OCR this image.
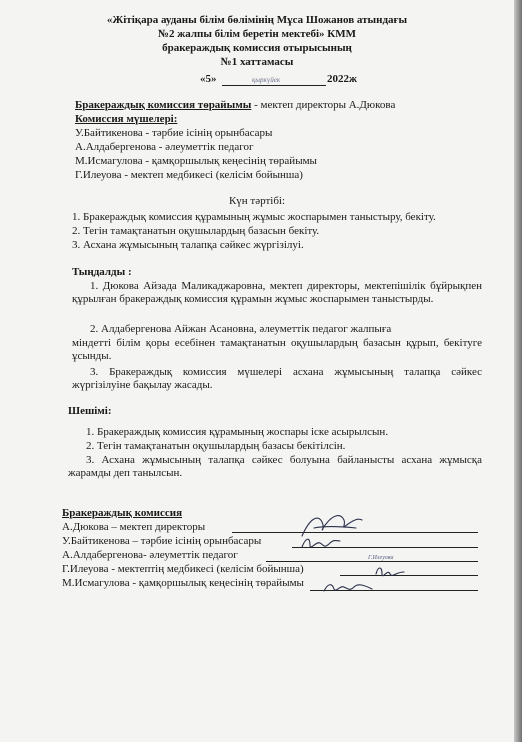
«Жітіқара ауданы білім бөлімінің Мұса Шожанов атындағы
№2 жалпы білім беретін мектебі» КММ
бракераждық комиссия отырысының
№1 хаттамасы
«5»	қыркүйек	2022ж
Бракераждық комиссия төрайымы - мектеп директоры А.Дюкова
Комиссия мүшелері:
У.Байтикенова - тәрбие ісінің орынбасары
А.Алдабергенова - әлеуметтік педагог
М.Исмагулова - қамқоршылық кеңесінің төрайымы
Г.Илеуова - мектеп медбикесі (келісім бойынша)
Күн тәртібі:
1. Бракераждық комиссия құрамының жұмыс жоспарымен таныстыру, бекіту.
2. Тегін тамақтанатын оқушылардың базасын бекіту.
3. Асхана жұмысының талапқа сәйкес жүргізілуі.
Тыңдалды :
1. Дюкова Айзада Маликаджаровна, мектеп директоры, мектепішілік бұйрықпен құрылған бракераждық комиссия құрамын жұмыс жоспарымен таныстырды.
2. Алдабергенова Айжан Асановна, әлеуметтік педагог жалпыға
міндетті білім қоры есебінен тамақтанатын оқушылардың базасын құрып, бекітуге ұсынды.
3. Бракераждық комиссия мүшелері асхана жұмысының талапқа сәйкес жүргізілуіне бақылау жасады.
Шешімі:
1. Бракераждық комиссия құрамының жоспары іске асырылсын.
2. Тегін тамақтанатын оқушылардың базасы бекітілсін.
3. Асхана жұмысының талапқа сәйкес болуына байланысты асхана жұмысқа жарамды деп танылсын.
Бракераждық комиссия
А.Дюкова – мектеп директоры
У.Байтикенова – тәрбие ісінің орынбасары
А.Алдабергенова- әлеуметтік педагог
Г.Илеуова - мектептің медбикесі (келісім бойынша)
М.Исмагулова - қамқоршылық кеңесінің төрайымы
Г.Илеуова
